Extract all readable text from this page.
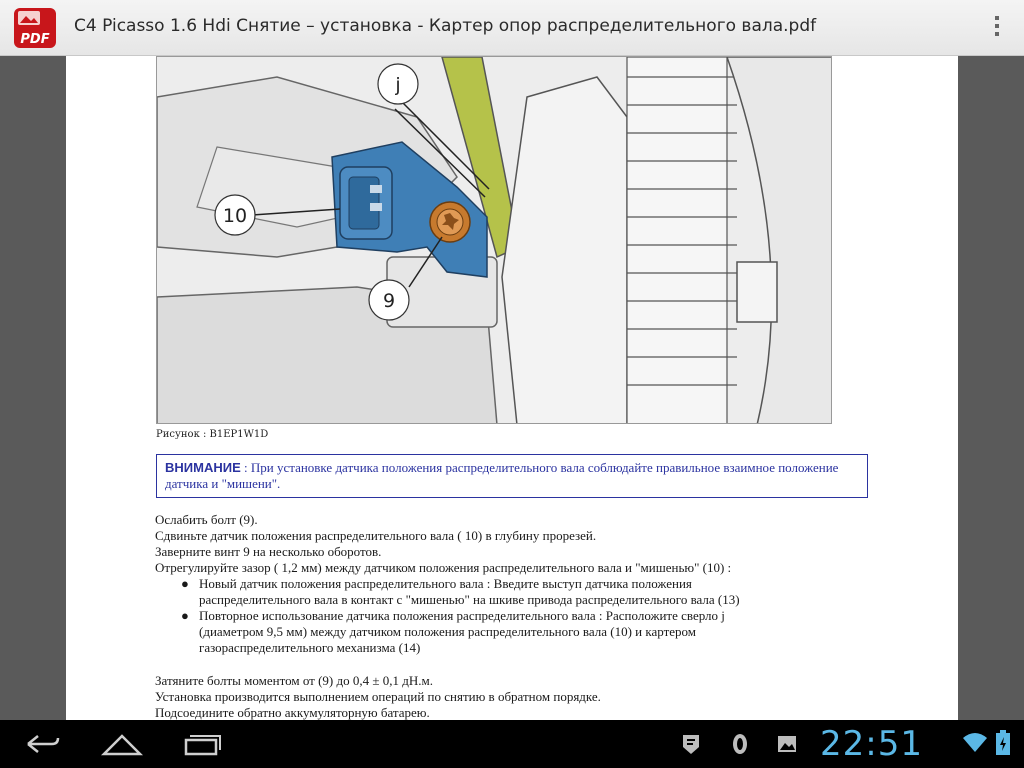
PDF
C4 Picasso 1.6 Hdi Снятие – установка - Картер опор распределительного вала.pdf
j
10
9
Рисунок : B1EP1W1D
ВНИМАНИЕ : При установке датчика положения распределительного вала соблюдайте правильное взаимное положение датчика и "мишени".

Ослабить болт (9).

Сдвиньте датчик положения распределительного вала ( 10) в глубину прорезей.

Заверните винт 9 на несколько оборотов.

Отрегулируйте зазор ( 1,2 мм) между датчиком положения распределительного вала и "мишенью" (10) :

● Новый датчик положения распределительного вала : Введите выступ датчика положения
распределительного вала в контакт с "мишенью" на шкиве привода распределительного вала (13)
● Повторное использование датчика положения распределительного вала : Расположите сверло j
(диаметром 9,5 мм) между датчиком положения распределительного вала (10) и картером
газораспределительного механизма (14)

Затяните болты моментом от (9) до 0,4 ± 0,1 дН.м.

Установка производится выполнением операций по снятию в обратном порядке.

Подсоедините обратно аккумуляторную батарею.

22:51
